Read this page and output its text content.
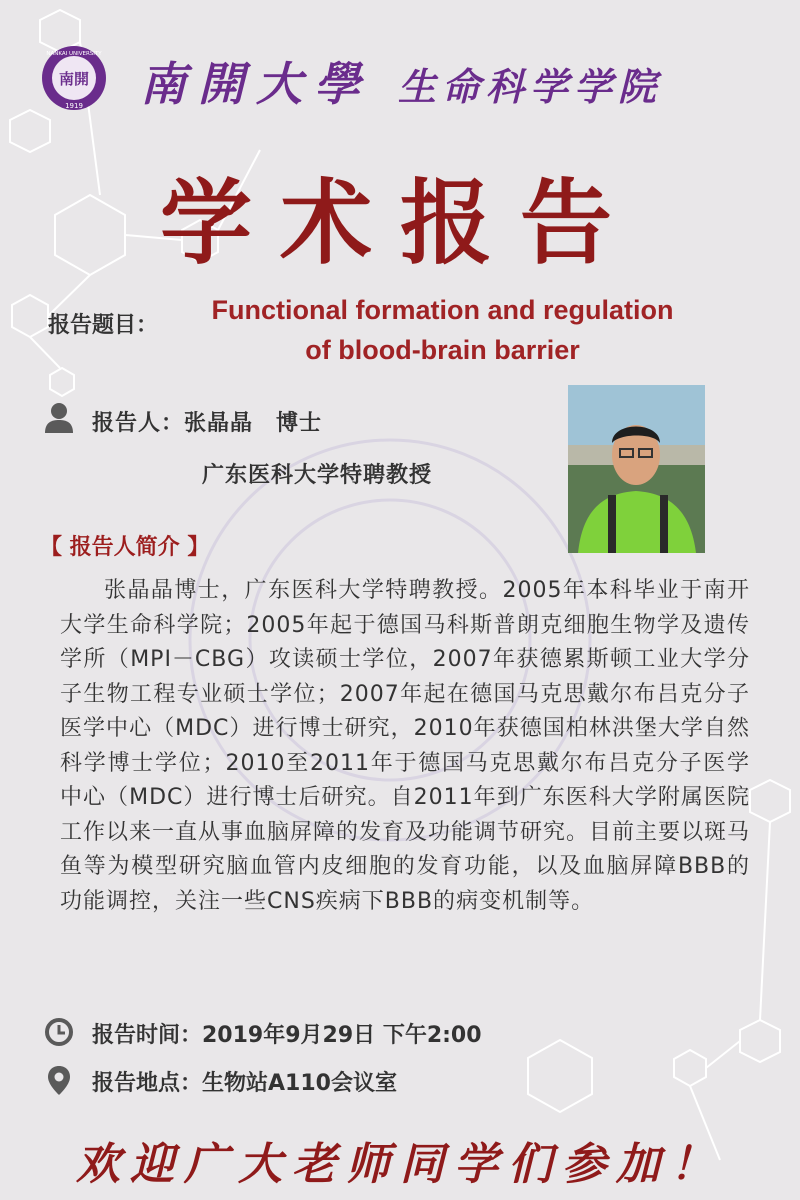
南開
1919
NANKAI UNIVERSITY
南開大學 生命科学学院
学术报告
报告题目：
Functional formation and regulation
of blood-brain barrier
报告人：张晶晶　博士
广东医科大学特聘教授
【 报告人简介 】
张晶晶博士，广东医科大学特聘教授。2005年本科毕业于南开大学生命科学院；2005年起于德国马科斯普朗克细胞生物学及遗传学所（MPI－CBG）攻读硕士学位，2007年获德累斯顿工业大学分子生物工程专业硕士学位；2007年起在德国马克思戴尔布吕克分子医学中心（MDC）进行博士研究，2010年获德国柏林洪堡大学自然科学博士学位；2010至2011年于德国马克思戴尔布吕克分子医学中心（MDC）进行博士后研究。自2011年到广东医科大学附属医院工作以来一直从事血脑屏障的发育及功能调节研究。目前主要以斑马鱼等为模型研究脑血管内皮细胞的发育功能，以及血脑屏障BBB的功能调控，关注一些CNS疾病下BBB的病变机制等。
报告时间：2019年9月29日 下午2:00
报告地点：生物站A110会议室
欢迎广大老师同学们参加！
